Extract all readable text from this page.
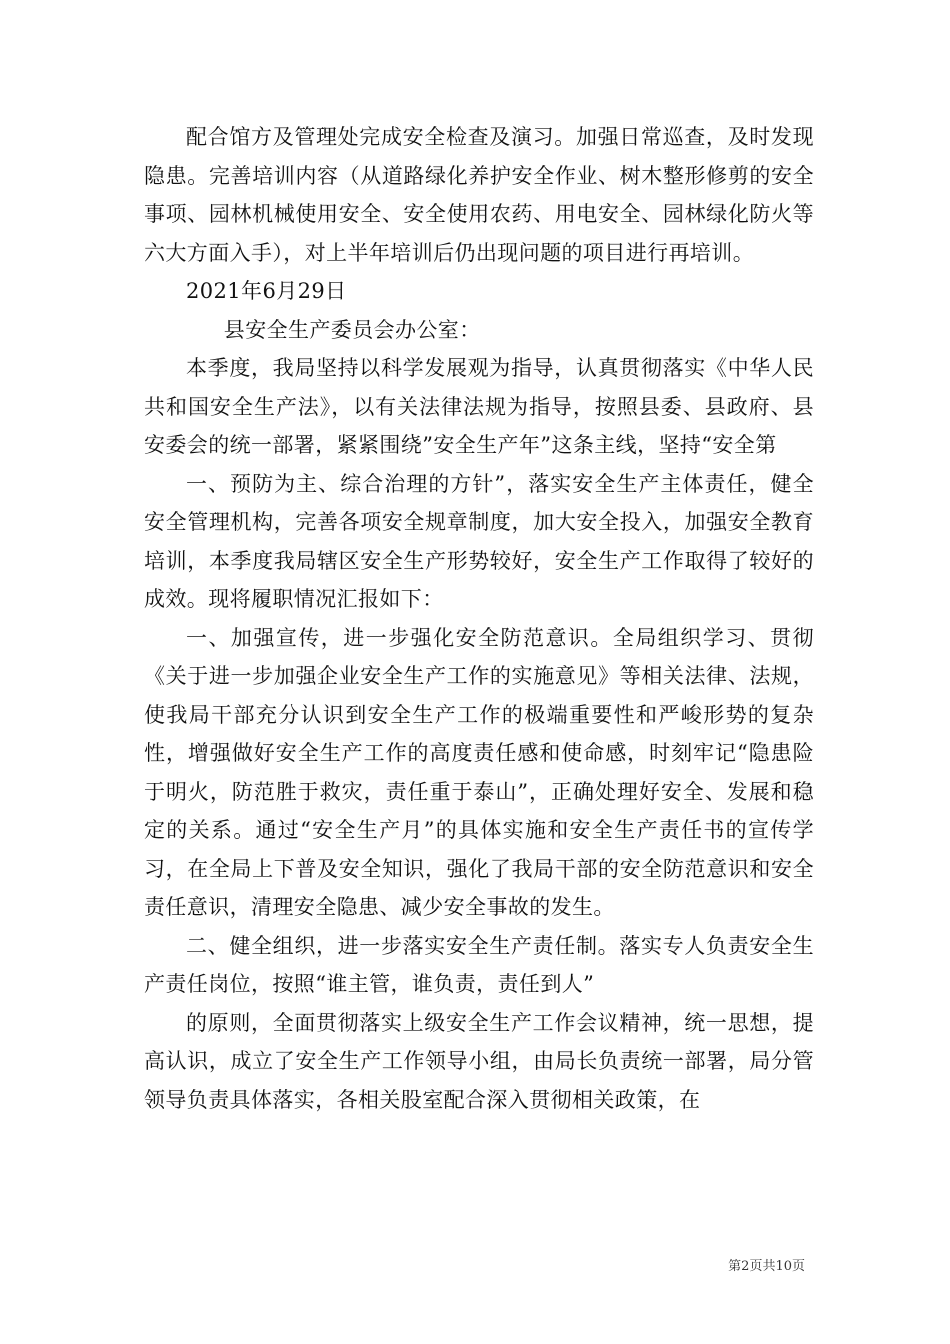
配合馆方及管理处完成安全检查及演习。加强日常巡查，及时发现隐患。完善培训内容（从道路绿化养护安全作业、树木整形修剪的安全事项、园林机械使用安全、安全使用农药、用电安全、园林绿化防火等六大方面入手），对上半年培训后仍出现问题的项目进行再培训。

2021年6月29日

县安全生产委员会办公室：

本季度，我局坚持以科学发展观为指导，认真贯彻落实《中华人民共和国安全生产法》，以有关法律法规为指导，按照县委、县政府、县安委会的统一部署，紧紧围绕”安全生产年”这条主线，坚持“安全第

一、预防为主、综合治理的方针”，落实安全生产主体责任，健全安全管理机构，完善各项安全规章制度，加大安全投入，加强安全教育培训，本季度我局辖区安全生产形势较好，安全生产工作取得了较好的成效。现将履职情况汇报如下：

一、加强宣传，进一步强化安全防范意识。全局组织学习、贯彻《关于进一步加强企业安全生产工作的实施意见》等相关法律、法规，使我局干部充分认识到安全生产工作的极端重要性和严峻形势的复杂性，增强做好安全生产工作的高度责任感和使命感，时刻牢记“隐患险于明火，防范胜于救灾，责任重于泰山”，正确处理好安全、发展和稳定的关系。通过“安全生产月”的具体实施和安全生产责任书的宣传学习，在全局上下普及安全知识，强化了我局干部的安全防范意识和安全责任意识，清理安全隐患、减少安全事故的发生。

二、健全组织，进一步落实安全生产责任制。落实专人负责安全生产责任岗位，按照“谁主管，谁负责，责任到人”

的原则，全面贯彻落实上级安全生产工作会议精神，统一思想，提高认识，成立了安全生产工作领导小组，由局长负责统一部署，局分管领导负责具体落实，各相关股室配合深入贯彻相关政策，在

第2页共10页
